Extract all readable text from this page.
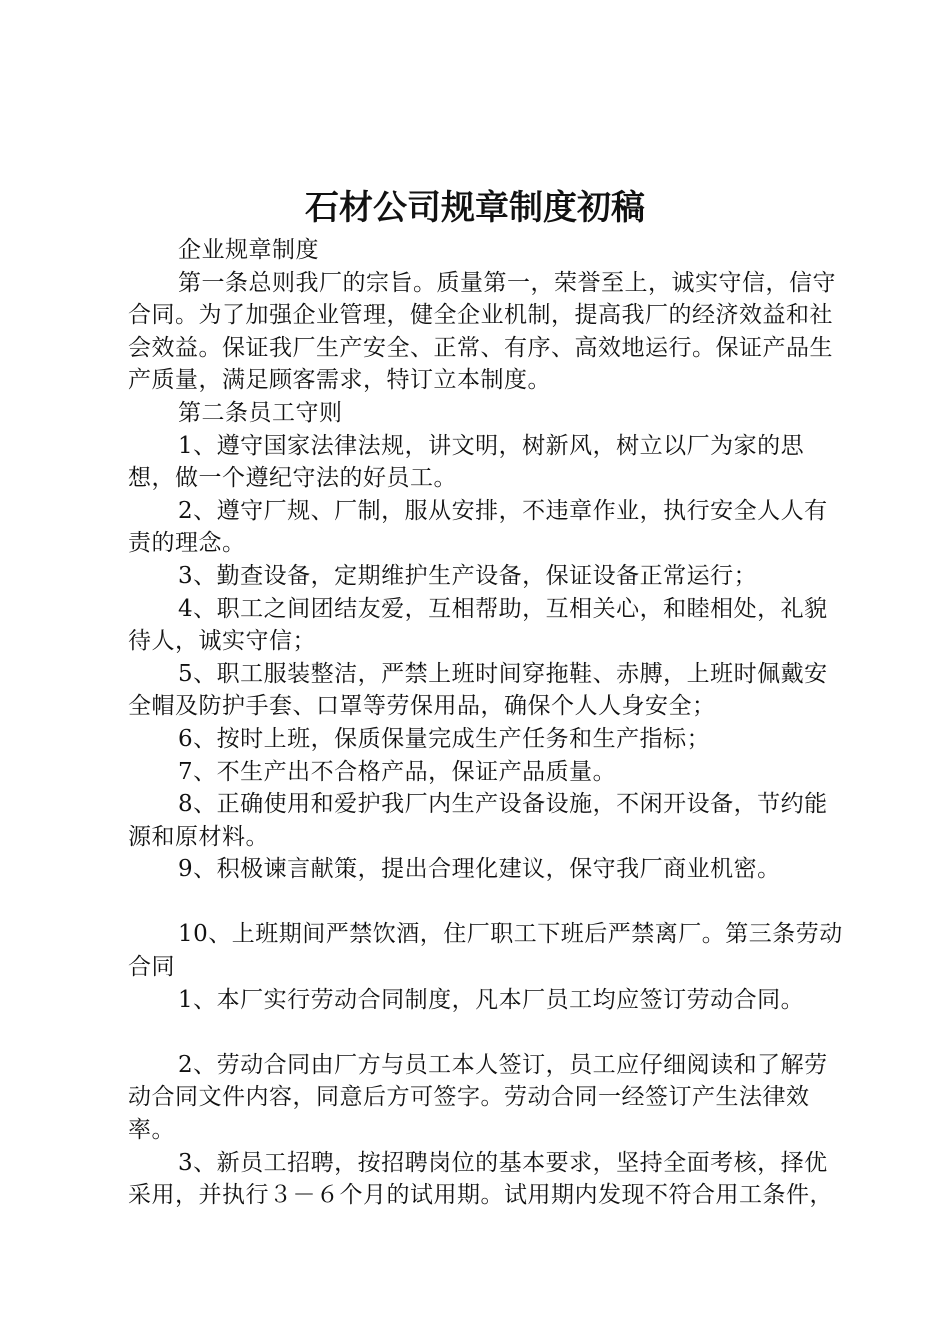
石材公司规章制度初稿

企业规章制度

第一条总则我厂的宗旨。质量第一，荣誉至上，诚实守信，信守合同。为了加强企业管理，健全企业机制，提高我厂的经济效益和社会效益。保证我厂生产安全、正常、有序、高效地运行。保证产品生产质量，满足顾客需求，特订立本制度。

第二条员工守则

1、遵守国家法律法规，讲文明，树新风，树立以厂为家的思想，做一个遵纪守法的好员工。

2、遵守厂规、厂制，服从安排，不违章作业，执行安全人人有责的理念。

3、勤查设备，定期维护生产设备，保证设备正常运行；

4、职工之间团结友爱，互相帮助，互相关心，和睦相处，礼貌待人，诚实守信；

5、职工服装整洁，严禁上班时间穿拖鞋、赤膊，上班时佩戴安全帽及防护手套、口罩等劳保用品，确保个人人身安全；

6、按时上班，保质保量完成生产任务和生产指标；

7、不生产出不合格产品，保证产品质量。

8、正确使用和爱护我厂内生产设备设施，不闲开设备，节约能源和原材料。

9、积极谏言献策，提出合理化建议，保守我厂商业机密。

10、上班期间严禁饮酒，住厂职工下班后严禁离厂。第三条劳动合同

1、本厂实行劳动合同制度，凡本厂员工均应签订劳动合同。

2、劳动合同由厂方与员工本人签订，员工应仔细阅读和了解劳动合同文件内容，同意后方可签字。劳动合同一经签订产生法律效率。

3、新员工招聘，按招聘岗位的基本要求，坚持全面考核，择优采用，并执行３－６个月的试用期。试用期内发现不符合用工条件，
